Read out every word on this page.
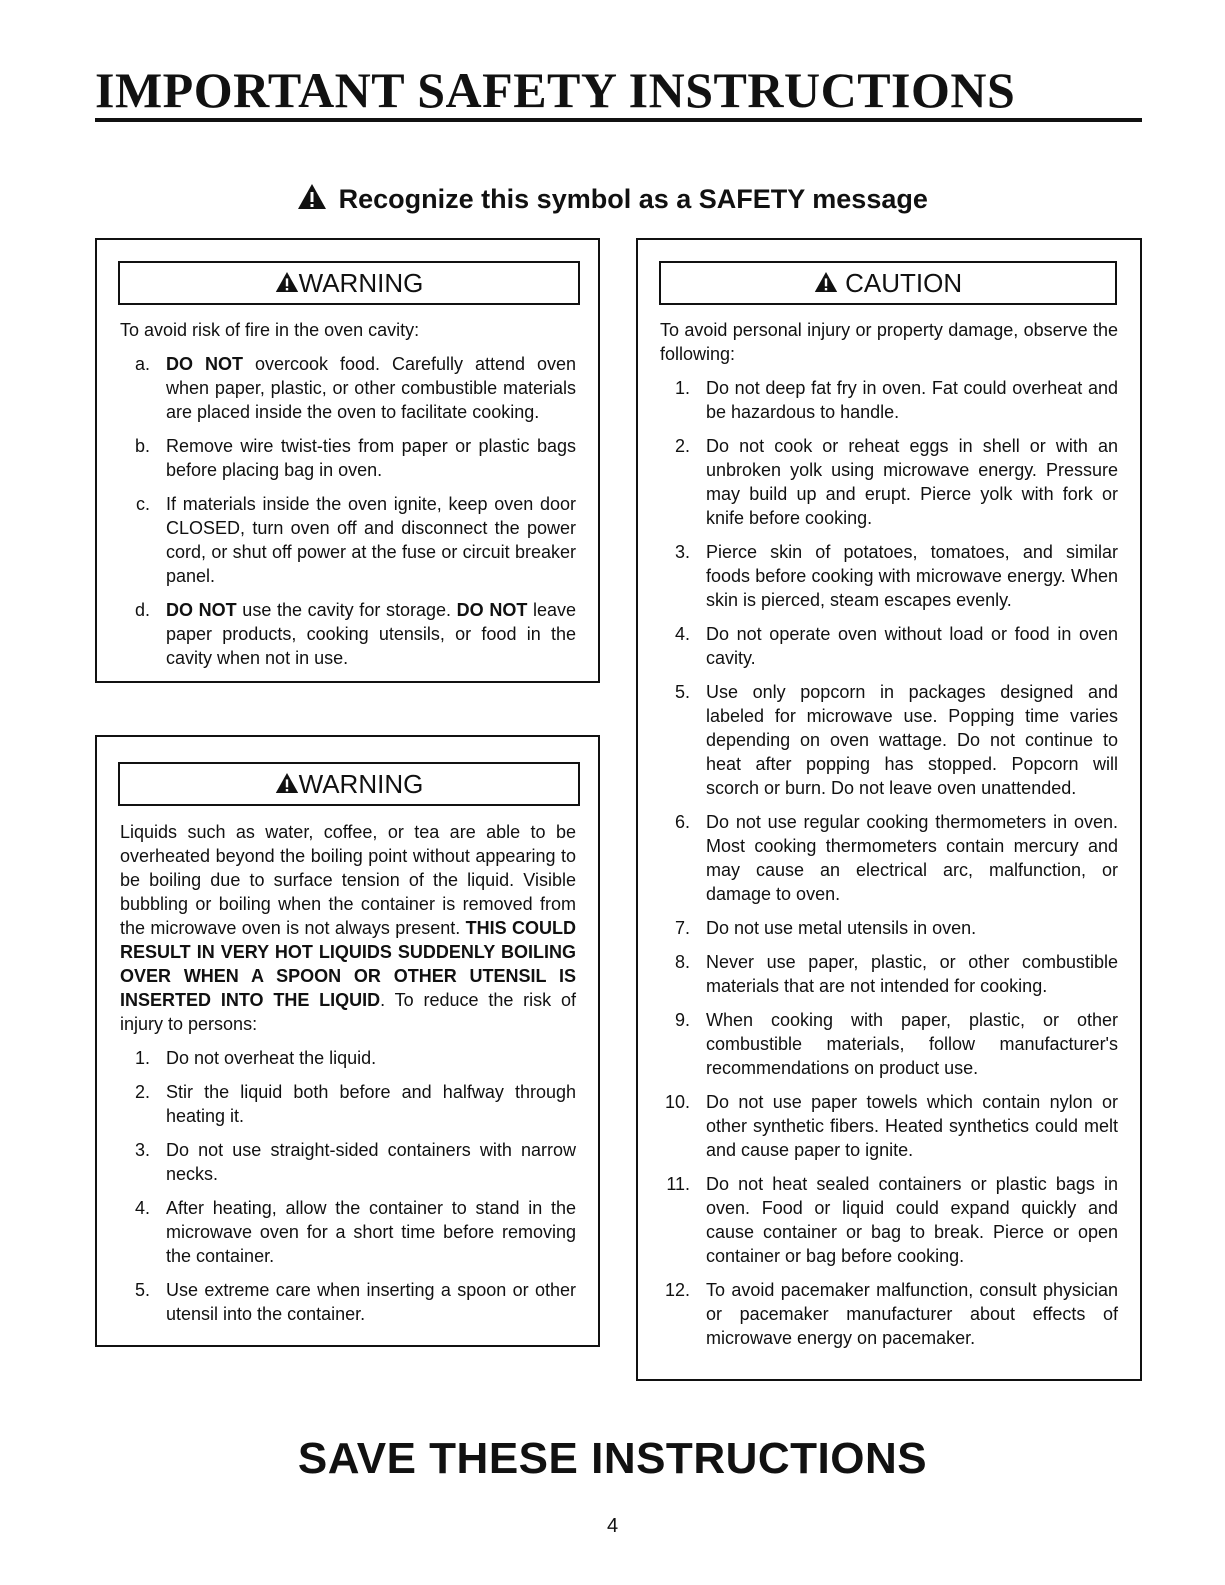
IMPORTANT SAFETY INSTRUCTIONS
Recognize this symbol as a SAFETY message
WARNING

To avoid risk of fire in the oven cavity:

a. DO NOT overcook food. Carefully attend oven when paper, plastic, or other combustible materials are placed inside the oven to facilitate cooking.
b. Remove wire twist-ties from paper or plastic bags before placing bag in oven.
c. If materials inside the oven ignite, keep oven door CLOSED, turn oven off and disconnect the power cord, or shut off power at the fuse or circuit breaker panel.
d. DO NOT use the cavity for storage. DO NOT leave paper products, cooking utensils, or food in the cavity when not in use.
WARNING

Liquids such as water, coffee, or tea are able to be overheated beyond the boiling point without appearing to be boiling due to surface tension of the liquid. Visible bubbling or boiling when the container is removed from the microwave oven is not always present. THIS COULD RESULT IN VERY HOT LIQUIDS SUDDENLY BOILING OVER WHEN A SPOON OR OTHER UTENSIL IS INSERTED INTO THE LIQUID. To reduce the risk of injury to persons:

1. Do not overheat the liquid.
2. Stir the liquid both before and halfway through heating it.
3. Do not use straight-sided containers with narrow necks.
4. After heating, allow the container to stand in the microwave oven for a short time before removing the container.
5. Use extreme care when inserting a spoon or other utensil into the container.
CAUTION

To avoid personal injury or property damage, observe the following:

1. Do not deep fat fry in oven. Fat could overheat and be hazardous to handle.
2. Do not cook or reheat eggs in shell or with an unbroken yolk using microwave energy. Pressure may build up and erupt. Pierce yolk with fork or knife before cooking.
3. Pierce skin of potatoes, tomatoes, and similar foods before cooking with microwave energy. When skin is pierced, steam escapes evenly.
4. Do not operate oven without load or food in oven cavity.
5. Use only popcorn in packages designed and labeled for microwave use. Popping time varies depending on oven wattage. Do not continue to heat after popping has stopped. Popcorn will scorch or burn. Do not leave oven unattended.
6. Do not use regular cooking thermometers in oven. Most cooking thermometers contain mercury and may cause an electrical arc, malfunction, or damage to oven.
7. Do not use metal utensils in oven.
8. Never use paper, plastic, or other combustible materials that are not intended for cooking.
9. When cooking with paper, plastic, or other combustible materials, follow manufacturer's recommendations on product use.
10. Do not use paper towels which contain nylon or other synthetic fibers. Heated synthetics could melt and cause paper to ignite.
11. Do not heat sealed containers or plastic bags in oven. Food or liquid could expand quickly and cause container or bag to break. Pierce or open container or bag before cooking.
12. To avoid pacemaker malfunction, consult physician or pacemaker manufacturer about effects of microwave energy on pacemaker.
SAVE THESE INSTRUCTIONS
4
